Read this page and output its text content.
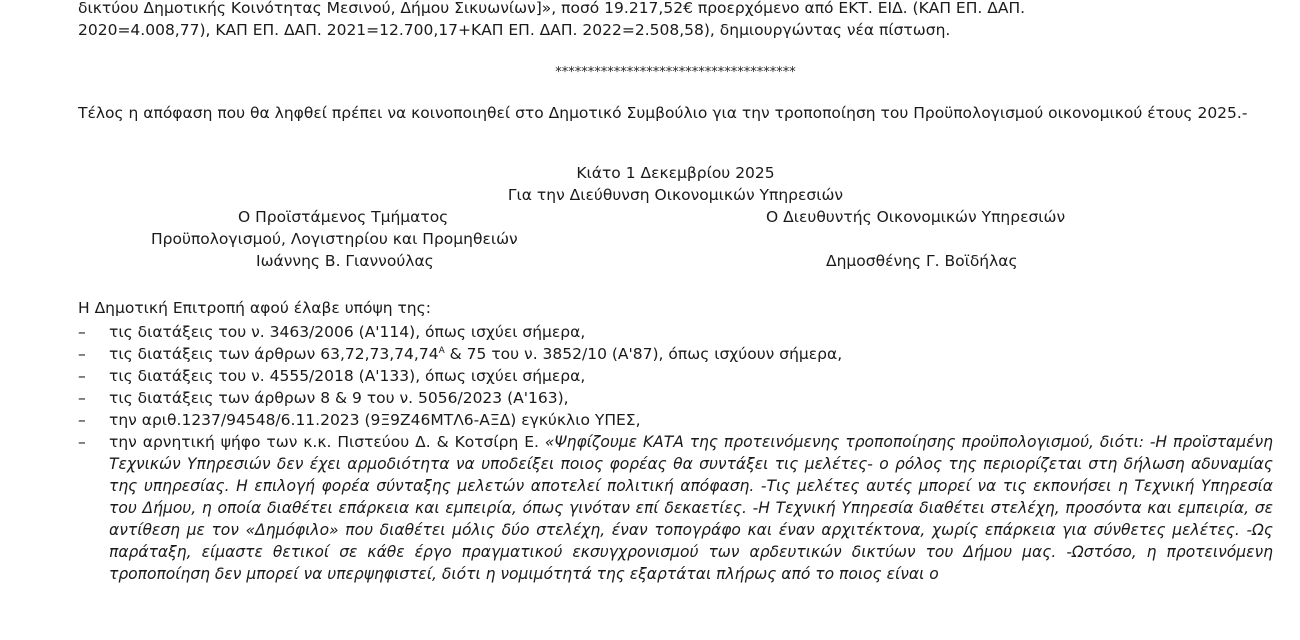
δικτύου Δημοτικής Κοινότητας Μεσινού, Δήμου Σικυωνίων]», ποσό 19.217,52€ προερχόμενο από ΕΚΤ. ΕΙΔ. (ΚΑΠ ΕΠ. ΔΑΠ.
2020=4.008,77), ΚΑΠ ΕΠ. ΔΑΠ. 2021=12.700,17+ΚΑΠ ΕΠ. ΔΑΠ. 2022=2.508,58), δημιουργώντας νέα πίστωση.
*************************************
Τέλος η απόφαση που θα ληφθεί πρέπει να κοινοποιηθεί στο Δημοτικό Συμβούλιο για την τροποποίηση του Προϋπολογισμού οικονομικού έτους 2025.-
Κιάτο 1 Δεκεμβρίου 2025
Για την Διεύθυνση Οικονομικών Υπηρεσιών
Ο Προϊστάμενος Τμήματος	Ο Διευθυντής Οικονομικών Υπηρεσιών
Προϋπολογισμού, Λογιστηρίου και Προμηθειών
Ιωάννης Β. Γιαννούλας	Δημοσθένης Γ. Βοϊδήλας
Η Δημοτική Επιτροπή αφού έλαβε υπόψη της:
– τις διατάξεις του ν. 3463/2006 (Α'114), όπως ισχύει σήμερα,
– τις διατάξεις των άρθρων $63,72,73,74,74^A$ & 75 του ν. 3852/10 (Α'87), όπως ισχύουν σήμερα,
– τις διατάξεις του ν. 4555/2018 (Α'133), όπως ισχύει σήμερα,
– τις διατάξεις των άρθρων 8 & 9 του ν. 5056/2023 (Α'163),
– την αριθ.1237/94548/6.11.2023 (9Ξ9Ζ46ΜΤΛ6-ΑΞΔ) εγκύκλιο ΥΠΕΣ,
– την αρνητική ψήφο των κ.κ. Πιστεύου Δ. & Κοτσίρη Ε. «Ψηφίζουμε ΚΑΤΑ της προτεινόμενης τροποποίησης προϋπολογισμού, διότι: -Η προϊσταμένη Τεχνικών Υπηρεσιών δεν έχει αρμοδιότητα να υποδείξει ποιος φορέας θα συντάξει τις μελέτες- ο ρόλος της περιορίζεται στη δήλωση αδυναμίας της υπηρεσίας. Η επιλογή φορέα σύνταξης μελετών αποτελεί πολιτική απόφαση. -Τις μελέτες αυτές μπορεί να τις εκπονήσει η Τεχνική Υπηρεσία του Δήμου, η οποία διαθέτει επάρκεια και εμπειρία, όπως γινόταν επί δεκαετίες. -Η Τεχνική Υπηρεσία διαθέτει στελέχη, προσόντα και εμπειρία, σε αντίθεση με τον «Δημόφιλο» που διαθέτει μόλις δύο στελέχη, έναν τοπογράφο και έναν αρχιτέκτονα, χωρίς επάρκεια για σύνθετες μελέτες. -Ως παράταξη, είμαστε θετικοί σε κάθε έργο πραγματικού εκσυγχρονισμού των αρδευτικών δικτύων του Δήμου μας. -Ωστόσο, η προτεινόμενη τροποποίηση δεν μπορεί να υπερψηφιστεί, διότι η νομιμότητά της εξαρτάται πλήρως από το ποιος είναι ο
